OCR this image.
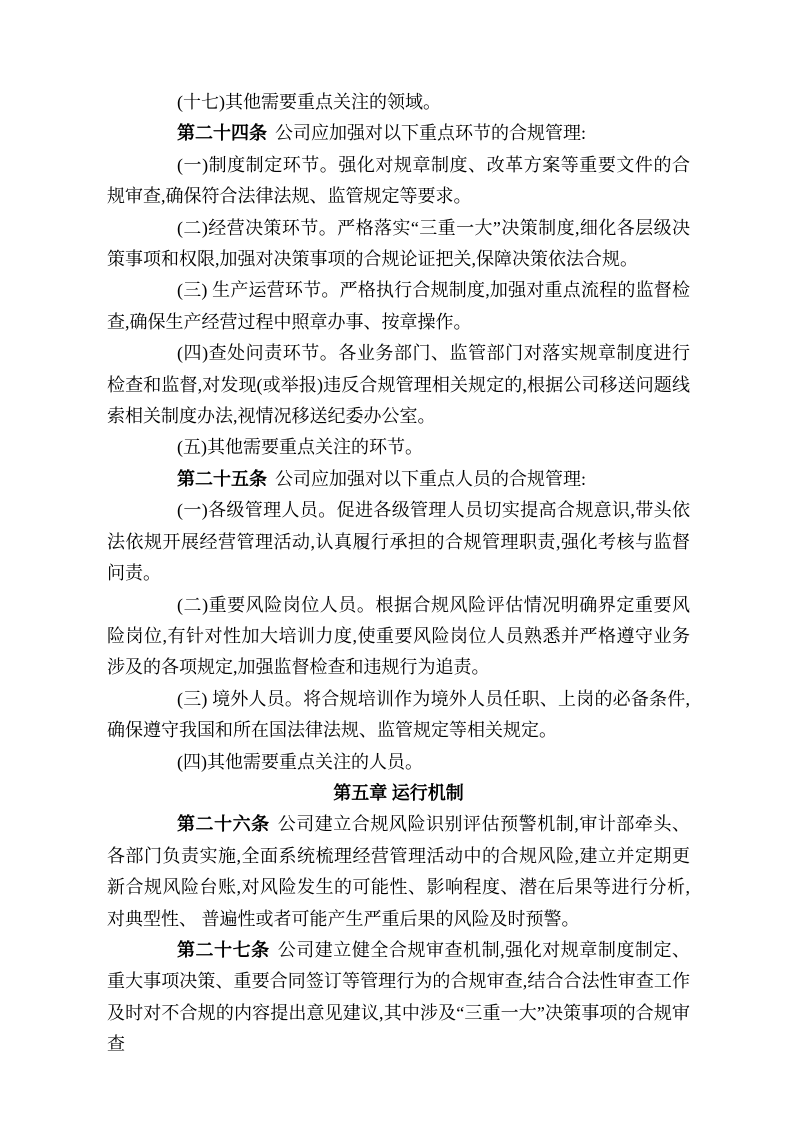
(十七)其他需要重点关注的领域。

第二十四条 公司应加强对以下重点环节的合规管理:

(一)制度制定环节。强化对规章制度、改革方案等重要文件的合规审查,确保符合法律法规、监管规定等要求。

(二)经营决策环节。严格落实“三重一大”决策制度,细化各层级决策事项和权限,加强对决策事项的合规论证把关,保障决策依法合规。

(三) 生产运营环节。严格执行合规制度,加强对重点流程的监督检查,确保生产经营过程中照章办事、按章操作。

(四)查处问责环节。各业务部门、监管部门对落实规章制度进行检查和监督,对发现(或举报)违反合规管理相关规定的,根据公司移送问题线索相关制度办法,视情况移送纪委办公室。

(五)其他需要重点关注的环节。

第二十五条 公司应加强对以下重点人员的合规管理:

(一)各级管理人员。促进各级管理人员切实提高合规意识,带头依法依规开展经营管理活动,认真履行承担的合规管理职责,强化考核与监督问责。

(二)重要风险岗位人员。根据合规风险评估情况明确界定重要风险岗位,有针对性加大培训力度,使重要风险岗位人员熟悉并严格遵守业务涉及的各项规定,加强监督检查和违规行为追责。

(三) 境外人员。将合规培训作为境外人员任职、上岗的必备条件,确保遵守我国和所在国法律法规、监管规定等相关规定。

(四)其他需要重点关注的人员。

第五章 运行机制

第二十六条 公司建立合规风险识别评估预警机制,审计部牵头、各部门负责实施,全面系统梳理经营管理活动中的合规风险,建立并定期更新合规风险台账,对风险发生的可能性、影响程度、潜在后果等进行分析,对典型性、 普遍性或者可能产生严重后果的风险及时预警。

第二十七条 公司建立健全合规审查机制,强化对规章制度制定、重大事项决策、重要合同签订等管理行为的合规审查,结合合法性审查工作及时对不合规的内容提出意见建议,其中涉及“三重一大”决策事项的合规审查
